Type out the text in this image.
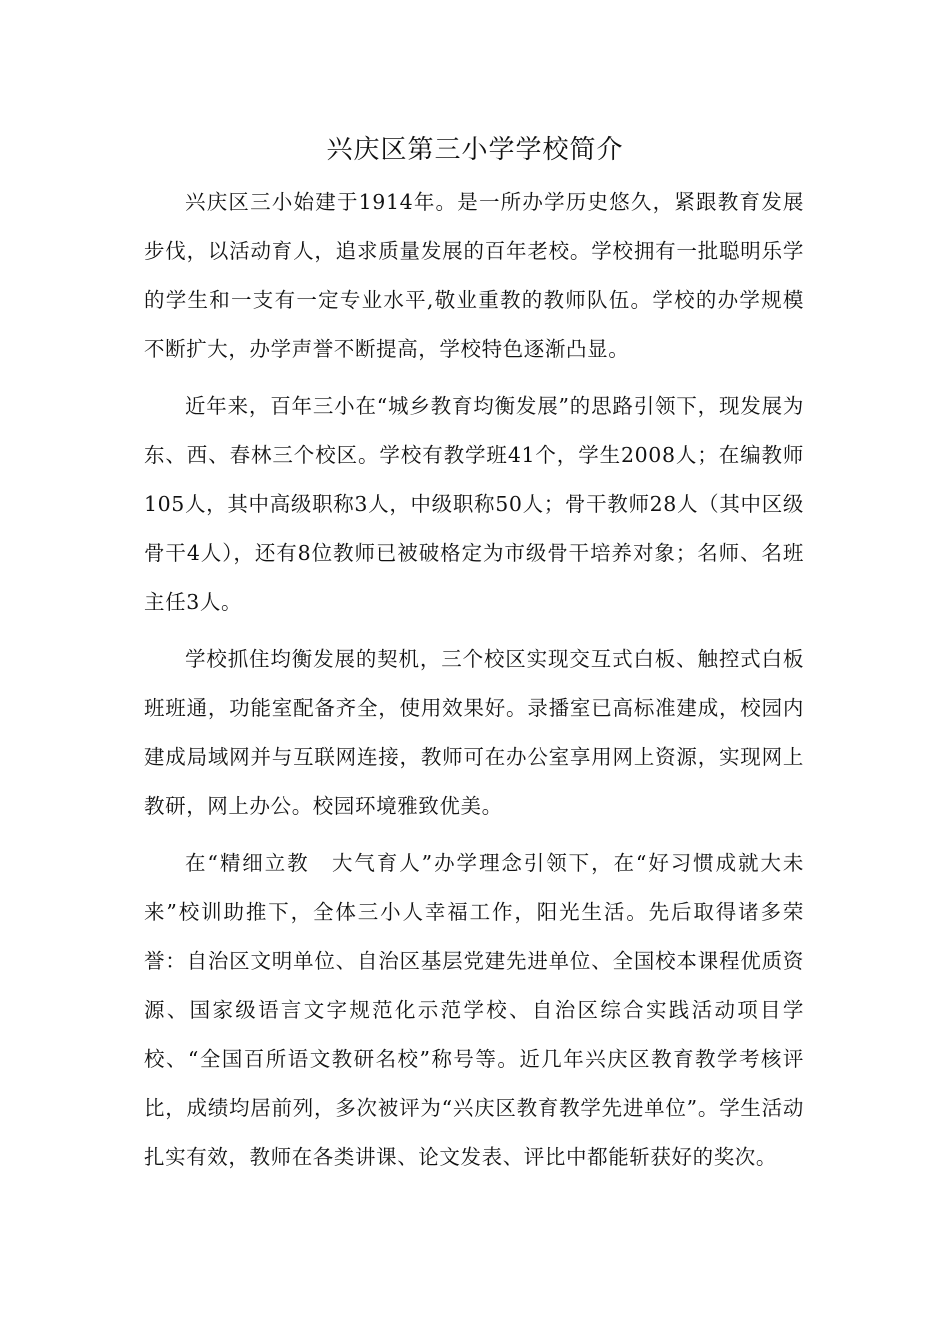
兴庆区第三小学学校简介

兴庆区三小始建于1914年。是一所办学历史悠久，紧跟教育发展步伐，以活动育人，追求质量发展的百年老校。学校拥有一批聪明乐学的学生和一支有一定专业水平,敬业重教的教师队伍。学校的办学规模不断扩大，办学声誉不断提高，学校特色逐渐凸显。

近年来，百年三小在“城乡教育均衡发展”的思路引领下，现发展为东、西、春林三个校区。学校有教学班41个，学生2008人；在编教师105人，其中高级职称3人，中级职称50人；骨干教师28人（其中区级骨干4人），还有8位教师已被破格定为市级骨干培养对象；名师、名班主任3人。

学校抓住均衡发展的契机，三个校区实现交互式白板、触控式白板班班通，功能室配备齐全，使用效果好。录播室已高标准建成，校园内建成局域网并与互联网连接，教师可在办公室享用网上资源，实现网上教研，网上办公。校园环境雅致优美。

在“精细立教　大气育人”办学理念引领下，在“好习惯成就大未来”校训助推下，全体三小人幸福工作，阳光生活。先后取得诸多荣誉：自治区文明单位、自治区基层党建先进单位、全国校本课程优质资源、国家级语言文字规范化示范学校、自治区综合实践活动项目学校、“全国百所语文教研名校”称号等。近几年兴庆区教育教学考核评比，成绩均居前列，多次被评为“兴庆区教育教学先进单位”。学生活动扎实有效，教师在各类讲课、论文发表、评比中都能斩获好的奖次。
